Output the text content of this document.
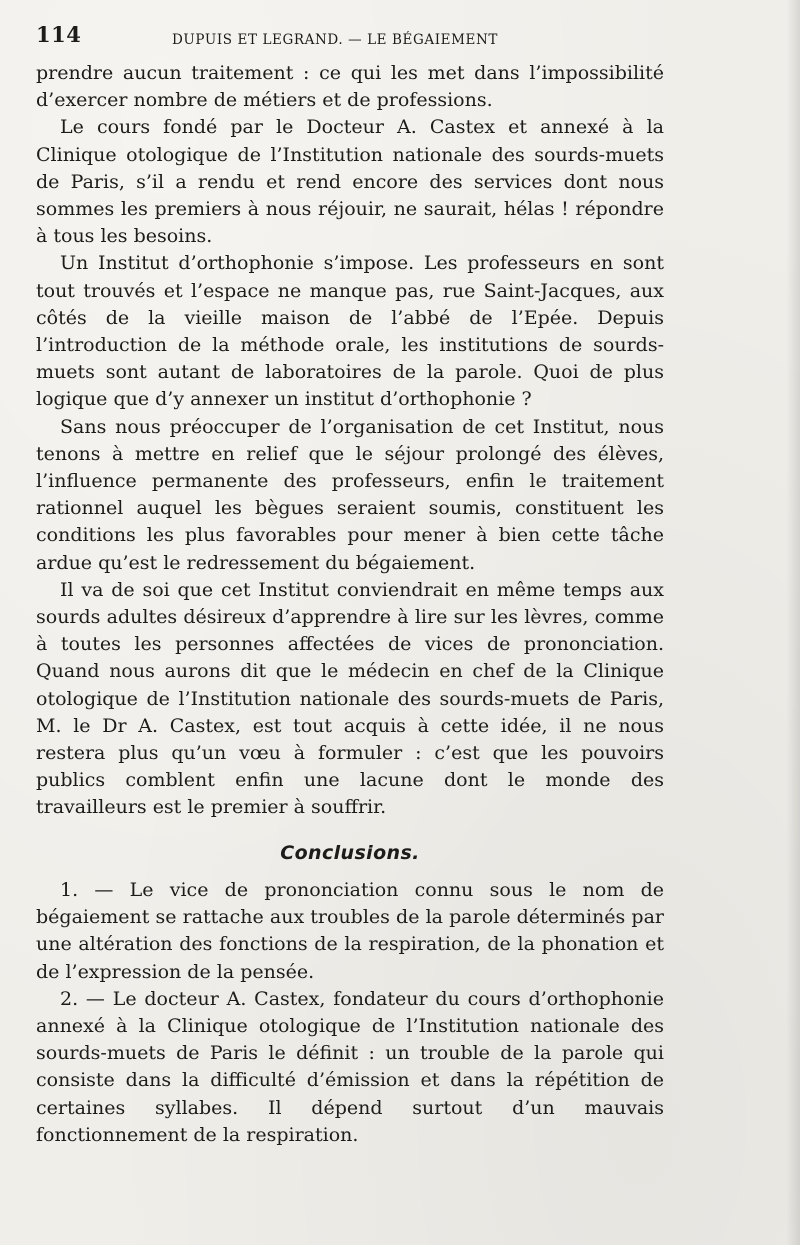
114	DUPUIS ET LEGRAND. — LE BÉGAIEMENT

prendre aucun traitement : ce qui les met dans l’impossibilité d’exercer nombre de métiers et de professions.

Le cours fondé par le Docteur A. Castex et annexé à la Clinique otologique de l’Institution nationale des sourds-muets de Paris, s’il a rendu et rend encore des services dont nous sommes les premiers à nous réjouir, ne saurait, hélas ! répondre à tous les besoins.

Un Institut d’orthophonie s’impose. Les professeurs en sont tout trouvés et l’espace ne manque pas, rue Saint-Jacques, aux côtés de la vieille maison de l’abbé de l’Epée. Depuis l’introduction de la méthode orale, les institutions de sourds-muets sont autant de laboratoires de la parole. Quoi de plus logique que d’y annexer un institut d’orthophonie ?

Sans nous préoccuper de l’organisation de cet Institut, nous tenons à mettre en relief que le séjour prolongé des élèves, l’influence permanente des professeurs, enfin le traitement rationnel auquel les bègues seraient soumis, constituent les conditions les plus favorables pour mener à bien cette tâche ardue qu’est le redressement du bégaiement.

Il va de soi que cet Institut conviendrait en même temps aux sourds adultes désireux d’apprendre à lire sur les lèvres, comme à toutes les personnes affectées de vices de prononciation. Quand nous aurons dit que le médecin en chef de la Clinique otologique de l’Institution nationale des sourds-muets de Paris, M. le Dr A. Castex, est tout acquis à cette idée, il ne nous restera plus qu’un vœu à formuler : c’est que les pouvoirs publics comblent enfin une lacune dont le monde des travailleurs est le premier à souffrir.

Conclusions.

1. — Le vice de prononciation connu sous le nom de bégaiement se rattache aux troubles de la parole déterminés par une altération des fonctions de la respiration, de la phonation et de l’expression de la pensée.

2. — Le docteur A. Castex, fondateur du cours d’orthophonie annexé à la Clinique otologique de l’Institution nationale des sourds-muets de Paris le définit : un trouble de la parole qui consiste dans la difficulté d’émission et dans la répétition de certaines syllabes. Il dépend surtout d’un mauvais fonctionnement de la respiration.
